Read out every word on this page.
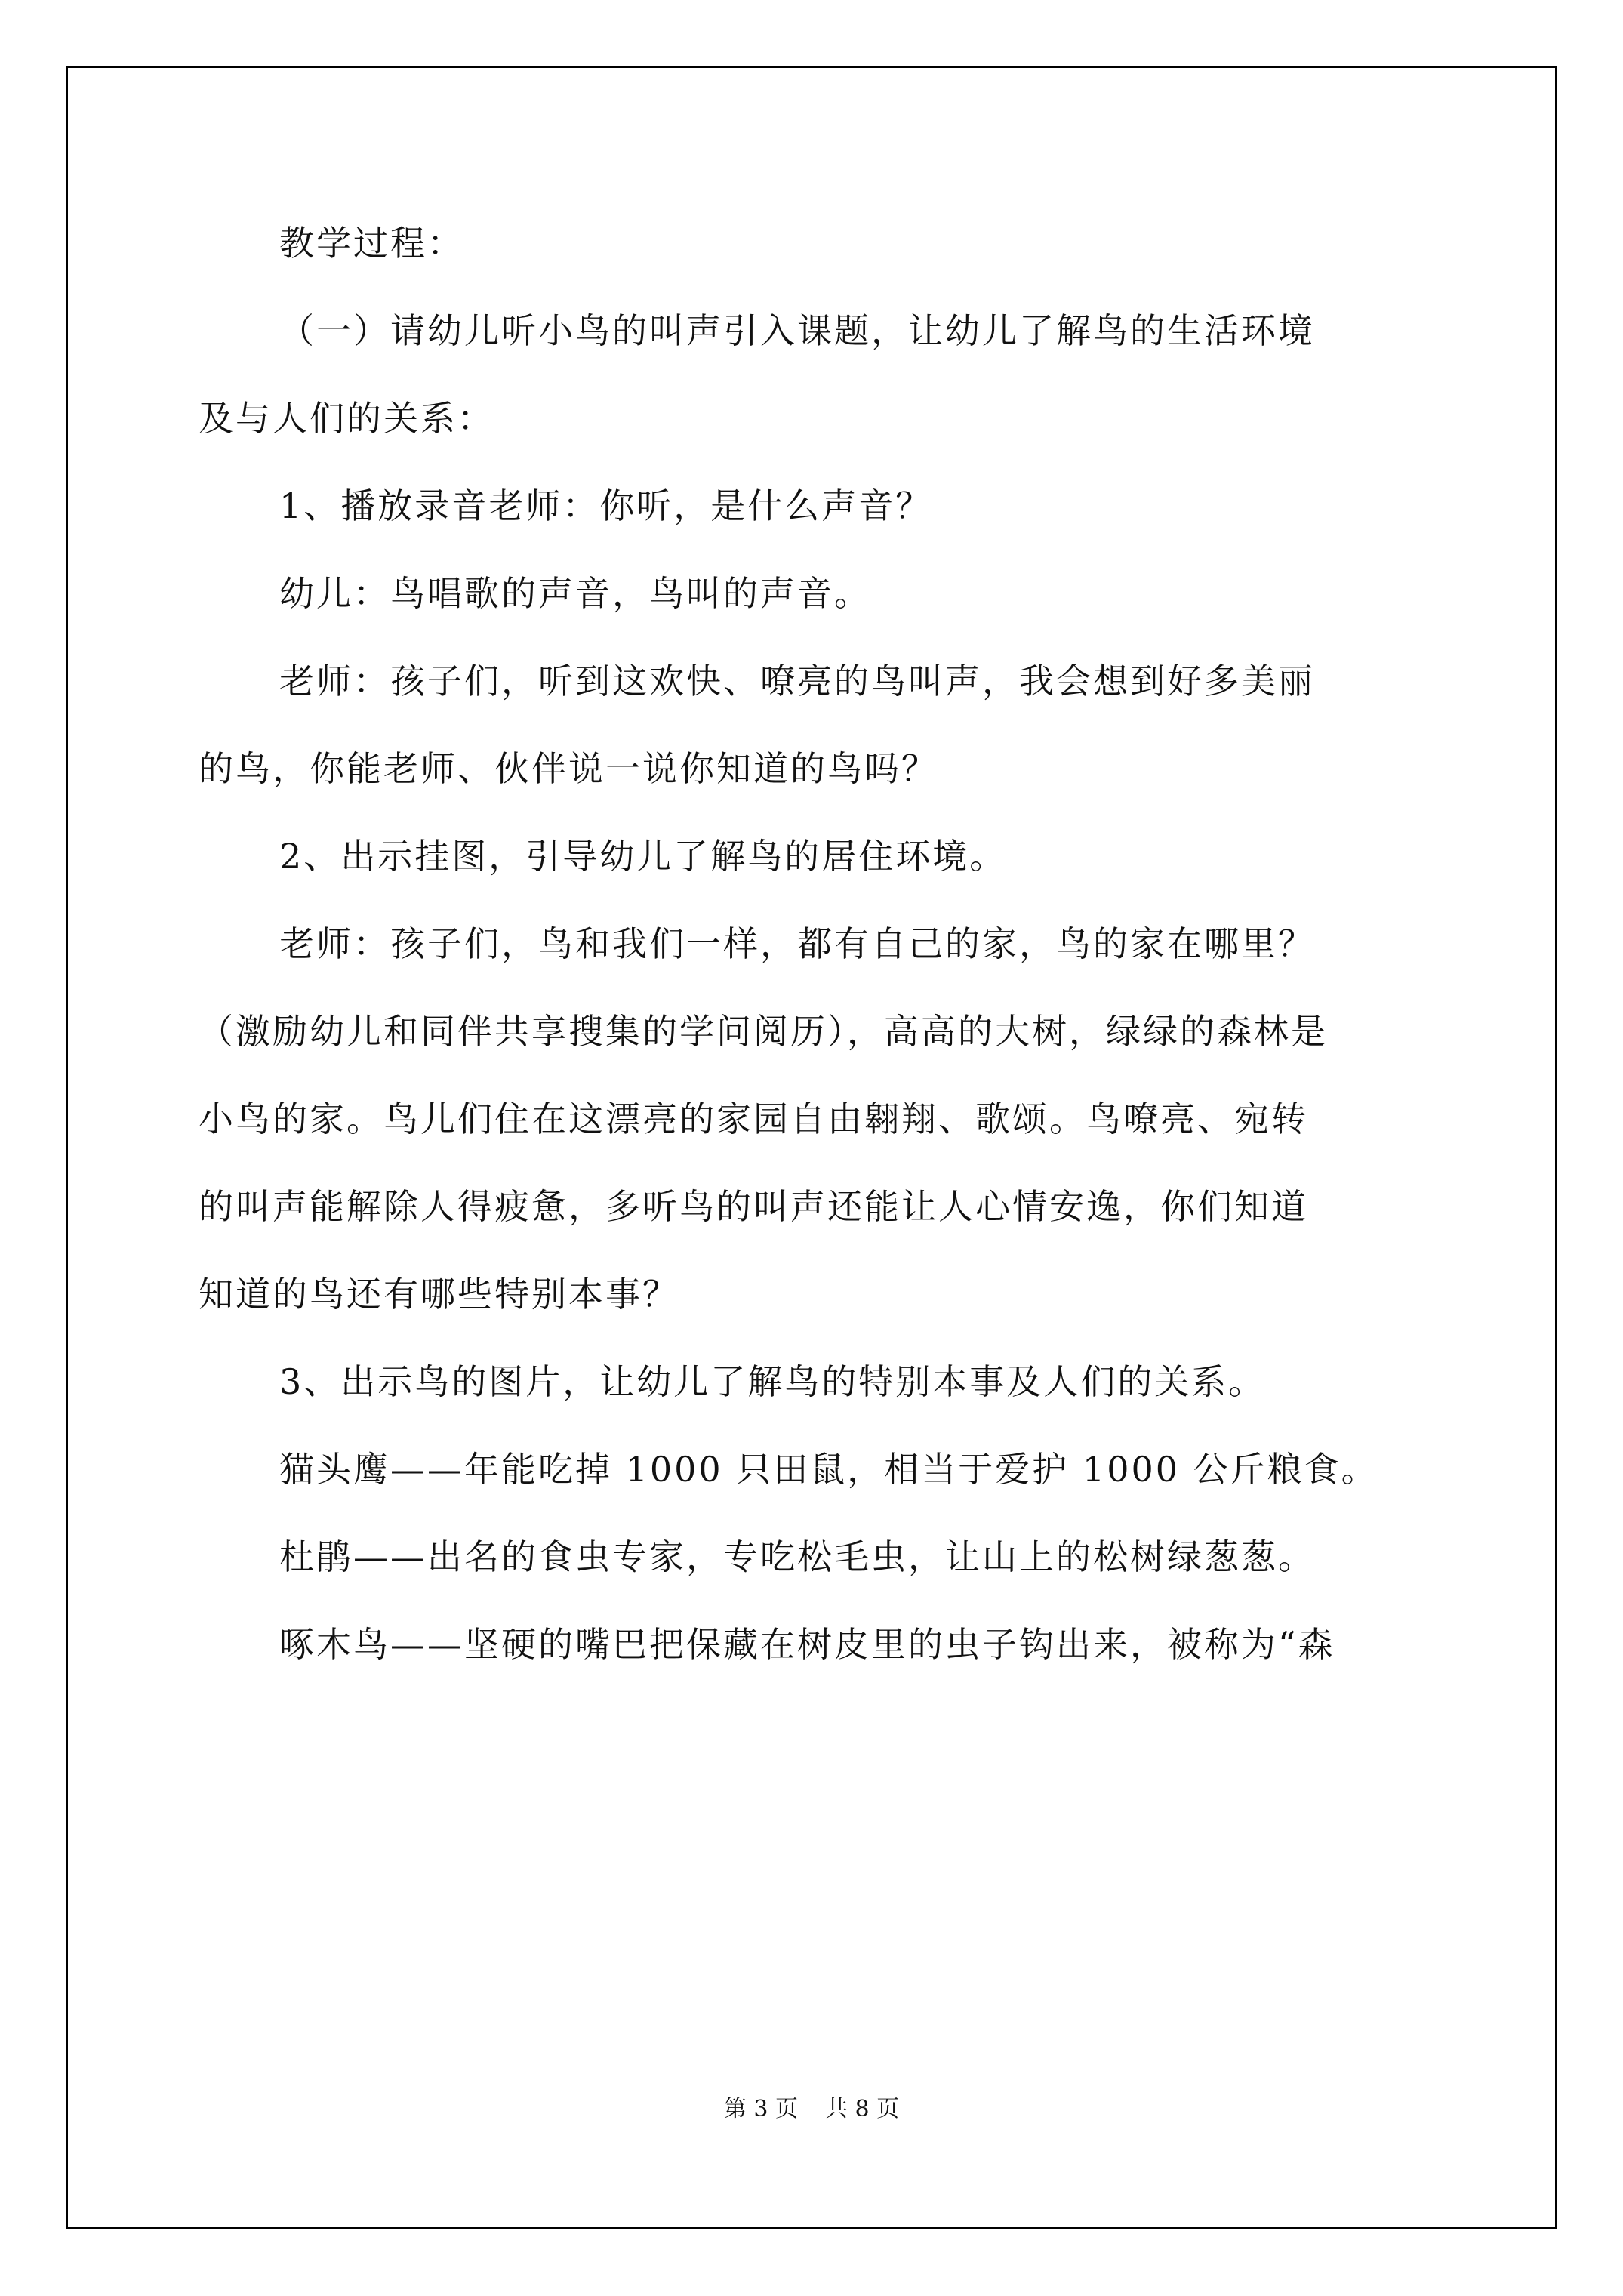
教学过程：
（一）请幼儿听小鸟的叫声引入课题，让幼儿了解鸟的生活环境
及与人们的关系：
1、播放录音老师：你听，是什么声音？
幼儿：鸟唱歌的声音，鸟叫的声音。
老师：孩子们，听到这欢快、嘹亮的鸟叫声，我会想到好多美丽
的鸟，你能老师、伙伴说一说你知道的鸟吗？
2、出示挂图，引导幼儿了解鸟的居住环境。
老师：孩子们，鸟和我们一样，都有自己的家，鸟的家在哪里？
（激励幼儿和同伴共享搜集的学问阅历），高高的大树，绿绿的森林是
小鸟的家。鸟儿们住在这漂亮的家园自由翱翔、歌颂。鸟嘹亮、宛转
的叫声能解除人得疲惫，多听鸟的叫声还能让人心情安逸，你们知道
知道的鸟还有哪些特别本事？
3、出示鸟的图片，让幼儿了解鸟的特别本事及人们的关系。
猫头鹰——年能吃掉 1000 只田鼠，相当于爱护 1000 公斤粮食。
杜鹃——出名的食虫专家，专吃松毛虫，让山上的松树绿葱葱。
啄木鸟——坚硬的嘴巴把保藏在树皮里的虫子钩出来，被称为“森
第 3 页 共 8 页
